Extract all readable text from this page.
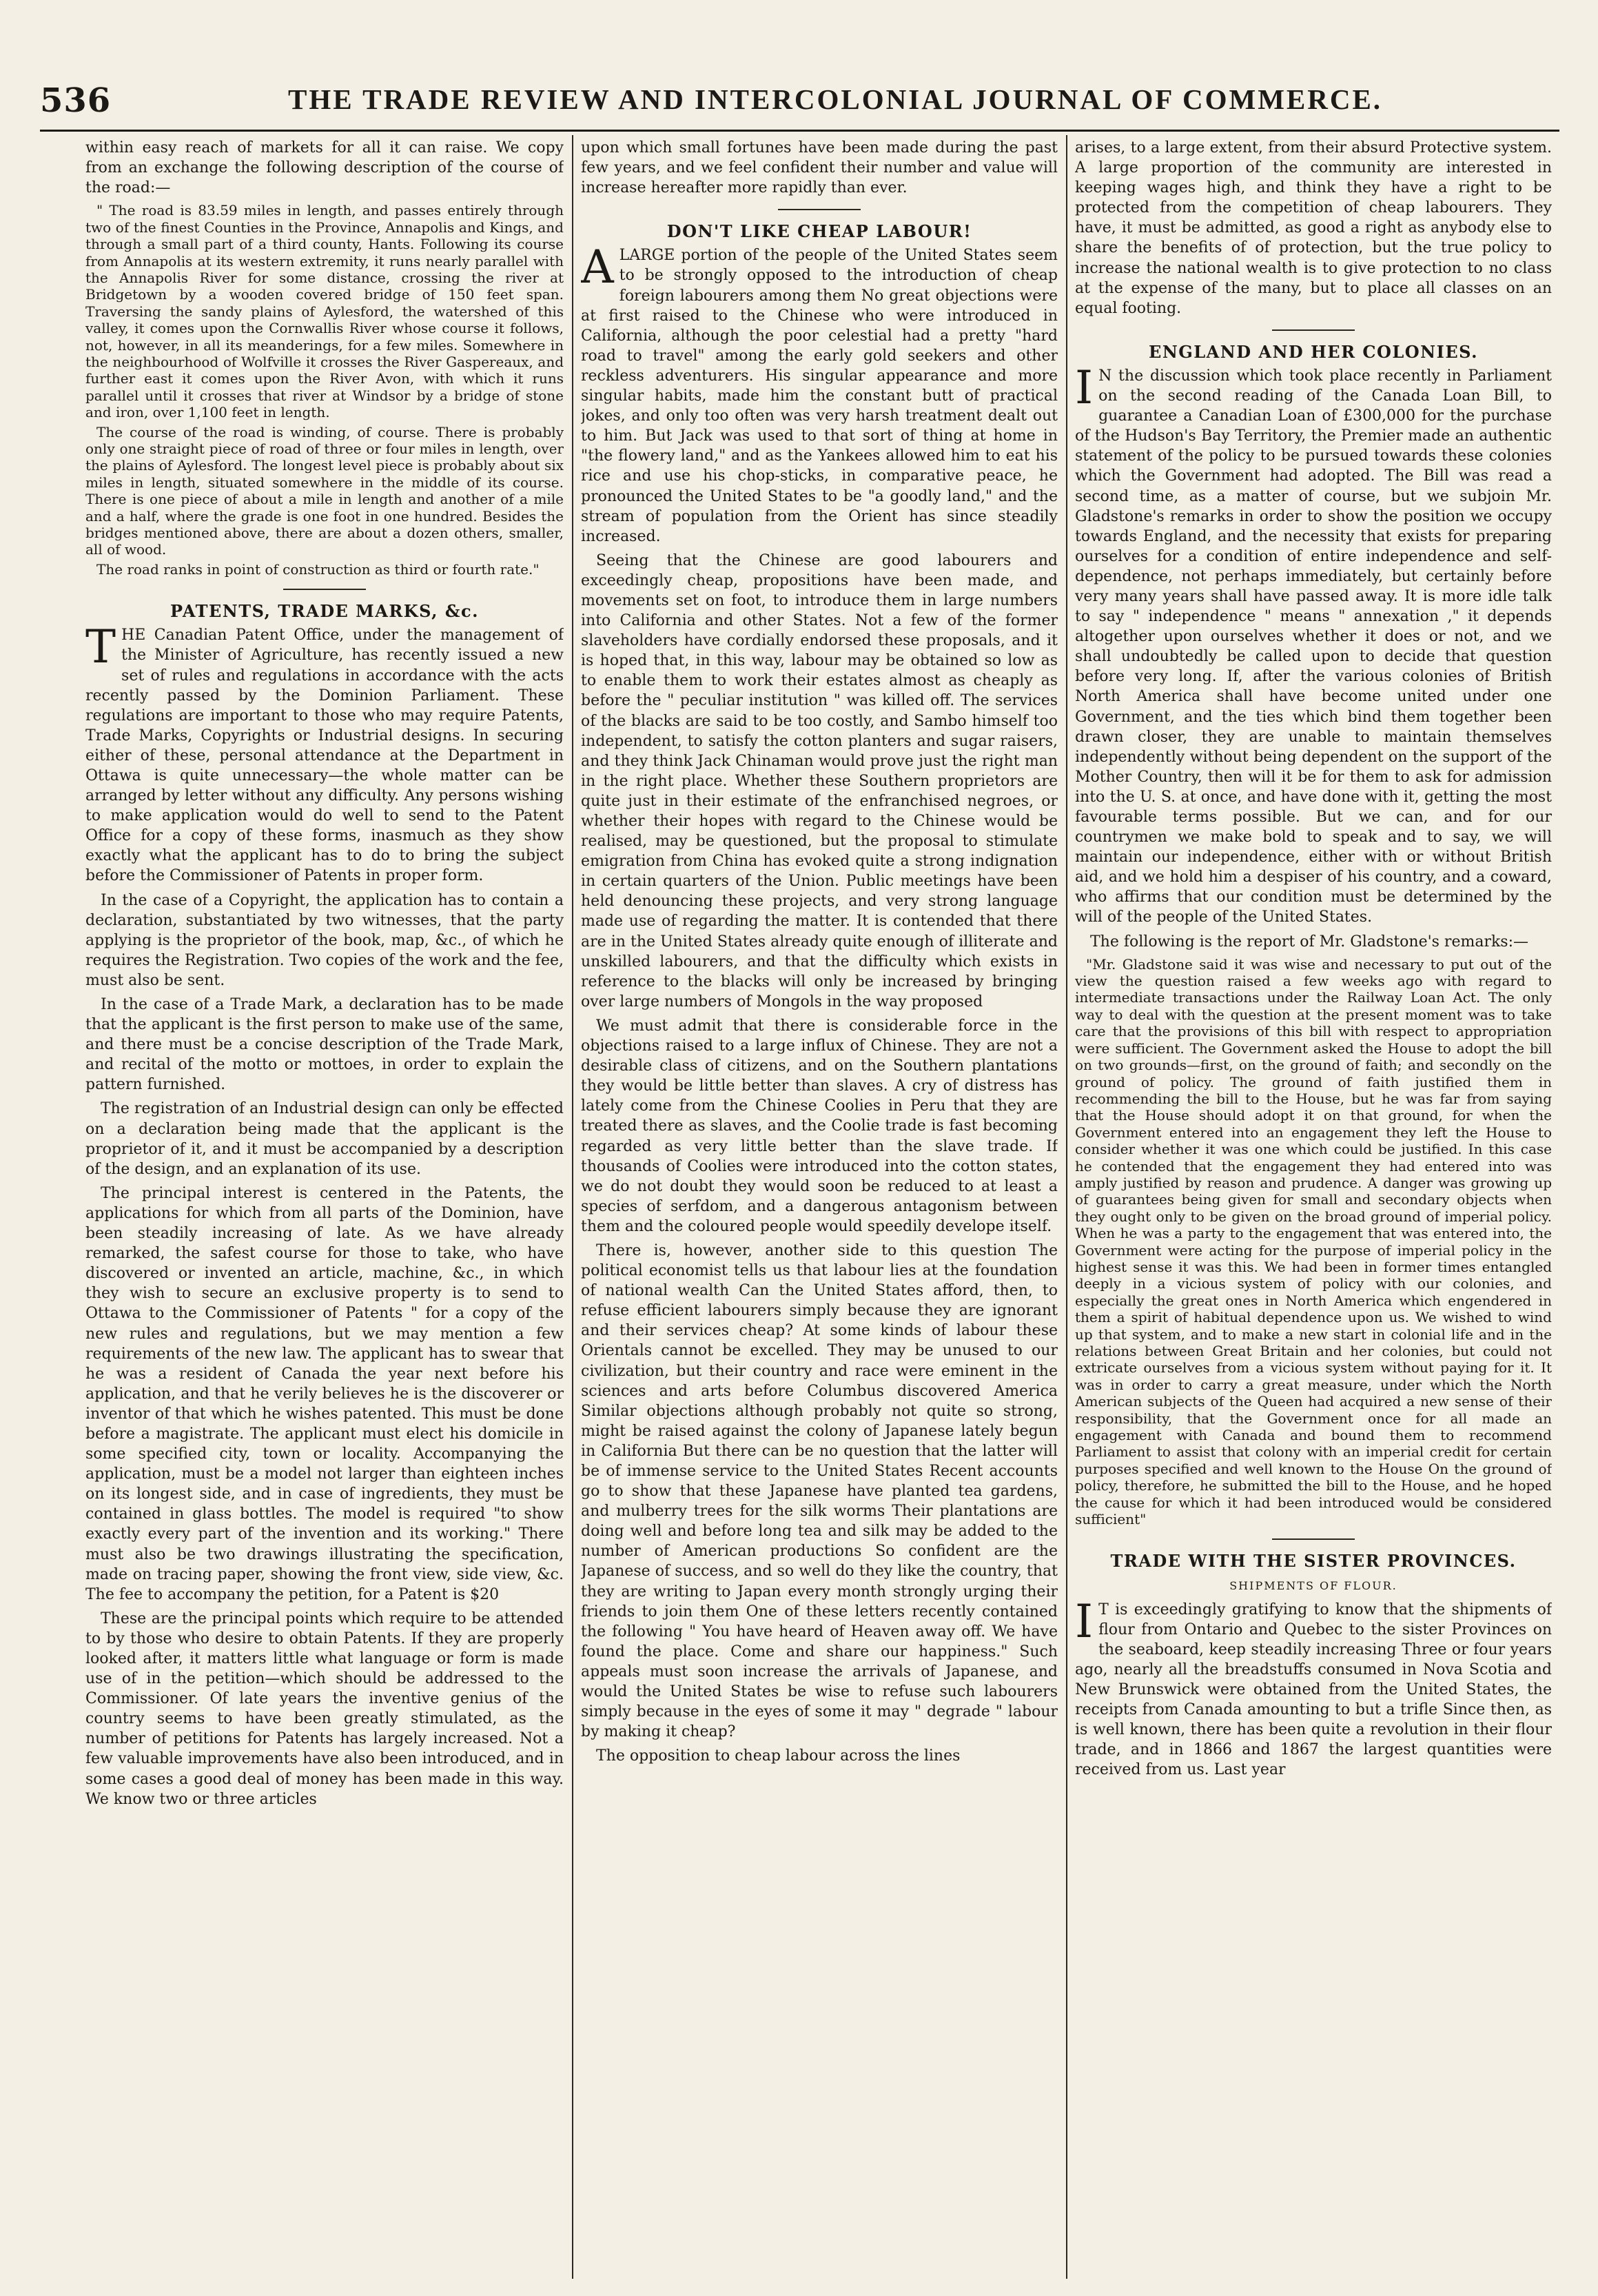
536	THE TRADE REVIEW AND INTERCOLONIAL JOURNAL OF COMMERCE.

within easy reach of markets for all it can raise. We copy from an exchange the following description of the course of the road:—

" The road is 83.59 miles in length, and passes entirely through two of the finest Counties in the Province, Annapolis and Kings, and through a small part of a third county, Hants. Following its course from Annapolis at its western extremity, it runs nearly parallel with the Annapolis River for some distance, crossing the river at Bridgetown by a wooden covered bridge of 150 feet span. Traversing the sandy plains of Aylesford, the watershed of this valley, it comes upon the Cornwallis River whose course it follows, not, however, in all its meanderings, for a few miles. Somewhere in the neighbourhood of Wolfville it crosses the River Gaspereaux, and further east it comes upon the River Avon, with which it runs parallel until it crosses that river at Windsor by a bridge of stone and iron, over 1,100 feet in length.

The course of the road is winding, of course. There is probably only one straight piece of road of three or four miles in length, over the plains of Aylesford. The longest level piece is probably about six miles in length, situated somewhere in the middle of its course. There is one piece of about a mile in length and another of a mile and a half, where the grade is one foot in one hundred. Besides the bridges mentioned above, there are about a dozen others, smaller, all of wood.

The road ranks in point of construction as third or fourth rate."

PATENTS, TRADE MARKS, &c.

THE Canadian Patent Office, under the management of the Minister of Agriculture, has recently issued a new set of rules and regulations in accordance with the acts recently passed by the Dominion Parliament. These regulations are important to those who may require Patents, Trade Marks, Copyrights or Industrial designs. In securing either of these, personal attendance at the Department in Ottawa is quite unnecessary—the whole matter can be arranged by letter without any difficulty. Any persons wishing to make application would do well to send to the Patent Office for a copy of these forms, inasmuch as they show exactly what the applicant has to do to bring the subject before the Commissioner of Patents in proper form.

In the case of a Copyright, the application has to contain a declaration, substantiated by two witnesses, that the party applying is the proprietor of the book, map, &c., of which he requires the Registration. Two copies of the work and the fee, must also be sent.

In the case of a Trade Mark, a declaration has to be made that the applicant is the first person to make use of the same, and there must be a concise description of the Trade Mark, and recital of the motto or mottoes, in order to explain the pattern furnished.

The registration of an Industrial design can only be effected on a declaration being made that the applicant is the proprietor of it, and it must be accompanied by a description of the design, and an explanation of its use.

The principal interest is centered in the Patents, the applications for which from all parts of the Dominion, have been steadily increasing of late. As we have already remarked, the safest course for those to take, who have discovered or invented an article, machine, &c., in which they wish to secure an exclusive property is to send to Ottawa to the Commissioner of Patents " for a copy of the new rules and regulations, but we may mention a few requirements of the new law. The applicant has to swear that he was a resident of Canada the year next before his application, and that he verily believes he is the discoverer or inventor of that which he wishes patented. This must be done before a magistrate. The applicant must elect his domicile in some specified city, town or locality. Accompanying the application, must be a model not larger than eighteen inches on its longest side, and in case of ingredients, they must be contained in glass bottles. The model is required "to show exactly every part of the invention and its working." There must also be two drawings illustrating the specification, made on tracing paper, showing the front view, side view, &c. The fee to accompany the petition, for a Patent is $20

These are the principal points which require to be attended to by those who desire to obtain Patents. If they are properly looked after, it matters little what language or form is made use of in the petition—which should be addressed to the Commissioner. Of late years the inventive genius of the country seems to have been greatly stimulated, as the number of petitions for Patents has largely increased. Not a few valuable improvements have also been introduced, and in some cases a good deal of money has been made in this way. We know two or three articles

upon which small fortunes have been made during the past few years, and we feel confident their number and value will increase hereafter more rapidly than ever.

DON'T LIKE CHEAP LABOUR!

ALARGE portion of the people of the United States seem to be strongly opposed to the introduction of cheap foreign labourers among them No great objections were at first raised to the Chinese who were introduced in California, although the poor celestial had a pretty "hard road to travel" among the early gold seekers and other reckless adventurers. His singular appearance and more singular habits, made him the constant butt of practical jokes, and only too often was very harsh treatment dealt out to him. But Jack was used to that sort of thing at home in "the flowery land," and as the Yankees allowed him to eat his rice and use his chop-sticks, in comparative peace, he pronounced the United States to be "a goodly land," and the stream of population from the Orient has since steadily increased.

Seeing that the Chinese are good labourers and exceedingly cheap, propositions have been made, and movements set on foot, to introduce them in large numbers into California and other States. Not a few of the former slaveholders have cordially endorsed these proposals, and it is hoped that, in this way, labour may be obtained so low as to enable them to work their estates almost as cheaply as before the " peculiar institution " was killed off. The services of the blacks are said to be too costly, and Sambo himself too independent, to satisfy the cotton planters and sugar raisers, and they think Jack Chinaman would prove just the right man in the right place. Whether these Southern proprietors are quite just in their estimate of the enfranchised negroes, or whether their hopes with regard to the Chinese would be realised, may be questioned, but the proposal to stimulate emigration from China has evoked quite a strong indignation in certain quarters of the Union. Public meetings have been held denouncing these projects, and very strong language made use of regarding the matter. It is contended that there are in the United States already quite enough of illiterate and unskilled labourers, and that the difficulty which exists in reference to the blacks will only be increased by bringing over large numbers of Mongols in the way proposed

We must admit that there is considerable force in the objections raised to a large influx of Chinese. They are not a desirable class of citizens, and on the Southern plantations they would be little better than slaves. A cry of distress has lately come from the Chinese Coolies in Peru that they are treated there as slaves, and the Coolie trade is fast becoming regarded as very little better than the slave trade. If thousands of Coolies were introduced into the cotton states, we do not doubt they would soon be reduced to at least a species of serfdom, and a dangerous antagonism between them and the coloured people would speedily develope itself.

There is, however, another side to this question The political economist tells us that labour lies at the foundation of national wealth Can the United States afford, then, to refuse efficient labourers simply because they are ignorant and their services cheap? At some kinds of labour these Orientals cannot be excelled. They may be unused to our civilization, but their country and race were eminent in the sciences and arts before Columbus discovered America Similar objections although probably not quite so strong, might be raised against the colony of Japanese lately begun in California But there can be no question that the latter will be of immense service to the United States Recent accounts go to show that these Japanese have planted tea gardens, and mulberry trees for the silk worms Their plantations are doing well and before long tea and silk may be added to the number of American productions So confident are the Japanese of success, and so well do they like the country, that they are writing to Japan every month strongly urging their friends to join them One of these letters recently contained the following " You have heard of Heaven away off. We have found the place. Come and share our happiness." Such appeals must soon increase the arrivals of Japanese, and would the United States be wise to refuse such labourers simply because in the eyes of some it may " degrade " labour by making it cheap?

The opposition to cheap labour across the lines

arises, to a large extent, from their absurd Protective system. A large proportion of the community are interested in keeping wages high, and think they have a right to be protected from the competition of cheap labourers. They have, it must be admitted, as good a right as anybody else to share the benefits of of protection, but the true policy to increase the national wealth is to give protection to no class at the expense of the many, but to place all classes on an equal footing.

ENGLAND AND HER COLONIES.

I N the discussion which took place recently in Parliament on the second reading of the Canada Loan Bill, to guarantee a Canadian Loan of £300,000 for the purchase of the Hudson's Bay Territory, the Premier made an authentic statement of the policy to be pursued towards these colonies which the Government had adopted. The Bill was read a second time, as a matter of course, but we subjoin Mr. Gladstone's remarks in order to show the position we occupy towards England, and the necessity that exists for preparing ourselves for a condition of entire independence and self-dependence, not perhaps immediately, but certainly before very many years shall have passed away. It is more idle talk to say " independence " means " annexation ," it depends altogether upon ourselves whether it does or not, and we shall undoubtedly be called upon to decide that question before very long. If, after the various colonies of British North America shall have become united under one Government, and the ties which bind them together been drawn closer, they are unable to maintain themselves independently without being dependent on the support of the Mother Country, then will it be for them to ask for admission into the U. S. at once, and have done with it, getting the most favourable terms possible. But we can, and for our countrymen we make bold to speak and to say, we will maintain our independence, either with or without British aid, and we hold him a despiser of his country, and a coward, who affirms that our condition must be determined by the will of the people of the United States.

The following is the report of Mr. Gladstone's remarks:—

"Mr. Gladstone said it was wise and necessary to put out of the view the question raised a few weeks ago with regard to intermediate transactions under the Railway Loan Act. The only way to deal with the question at the present moment was to take care that the provisions of this bill with respect to appropriation were sufficient. The Government asked the House to adopt the bill on two grounds—first, on the ground of faith; and secondly on the ground of policy. The ground of faith justified them in recommending the bill to the House, but he was far from saying that the House should adopt it on that ground, for when the Government entered into an engagement they left the House to consider whether it was one which could be justified. In this case he contended that the engagement they had entered into was amply justified by reason and prudence. A danger was growing up of guarantees being given for small and secondary objects when they ought only to be given on the broad ground of imperial policy. When he was a party to the engagement that was entered into, the Government were acting for the purpose of imperial policy in the highest sense it was this. We had been in former times entangled deeply in a vicious system of policy with our colonies, and especially the great ones in North America which engendered in them a spirit of habitual dependence upon us. We wished to wind up that system, and to make a new start in colonial life and in the relations between Great Britain and her colonies, but could not extricate ourselves from a vicious system without paying for it. It was in order to carry a great measure, under which the North American subjects of the Queen had acquired a new sense of their responsibility, that the Government once for all made an engagement with Canada and bound them to recommend Parliament to assist that colony with an imperial credit for certain purposes specified and well known to the House On the ground of policy, therefore, he submitted the bill to the House, and he hoped the cause for which it had been introduced would be considered sufficient"

TRADE WITH THE SISTER PROVINCES.

SHIPMENTS OF FLOUR.

I T is exceedingly gratifying to know that the shipments of flour from Ontario and Quebec to the sister Provinces on the seaboard, keep steadily increasing Three or four years ago, nearly all the breadstuffs consumed in Nova Scotia and New Brunswick were obtained from the United States, the receipts from Canada amounting to but a trifle Since then, as is well known, there has been quite a revolution in their flour trade, and in 1866 and 1867 the largest quantities were received from us. Last year
